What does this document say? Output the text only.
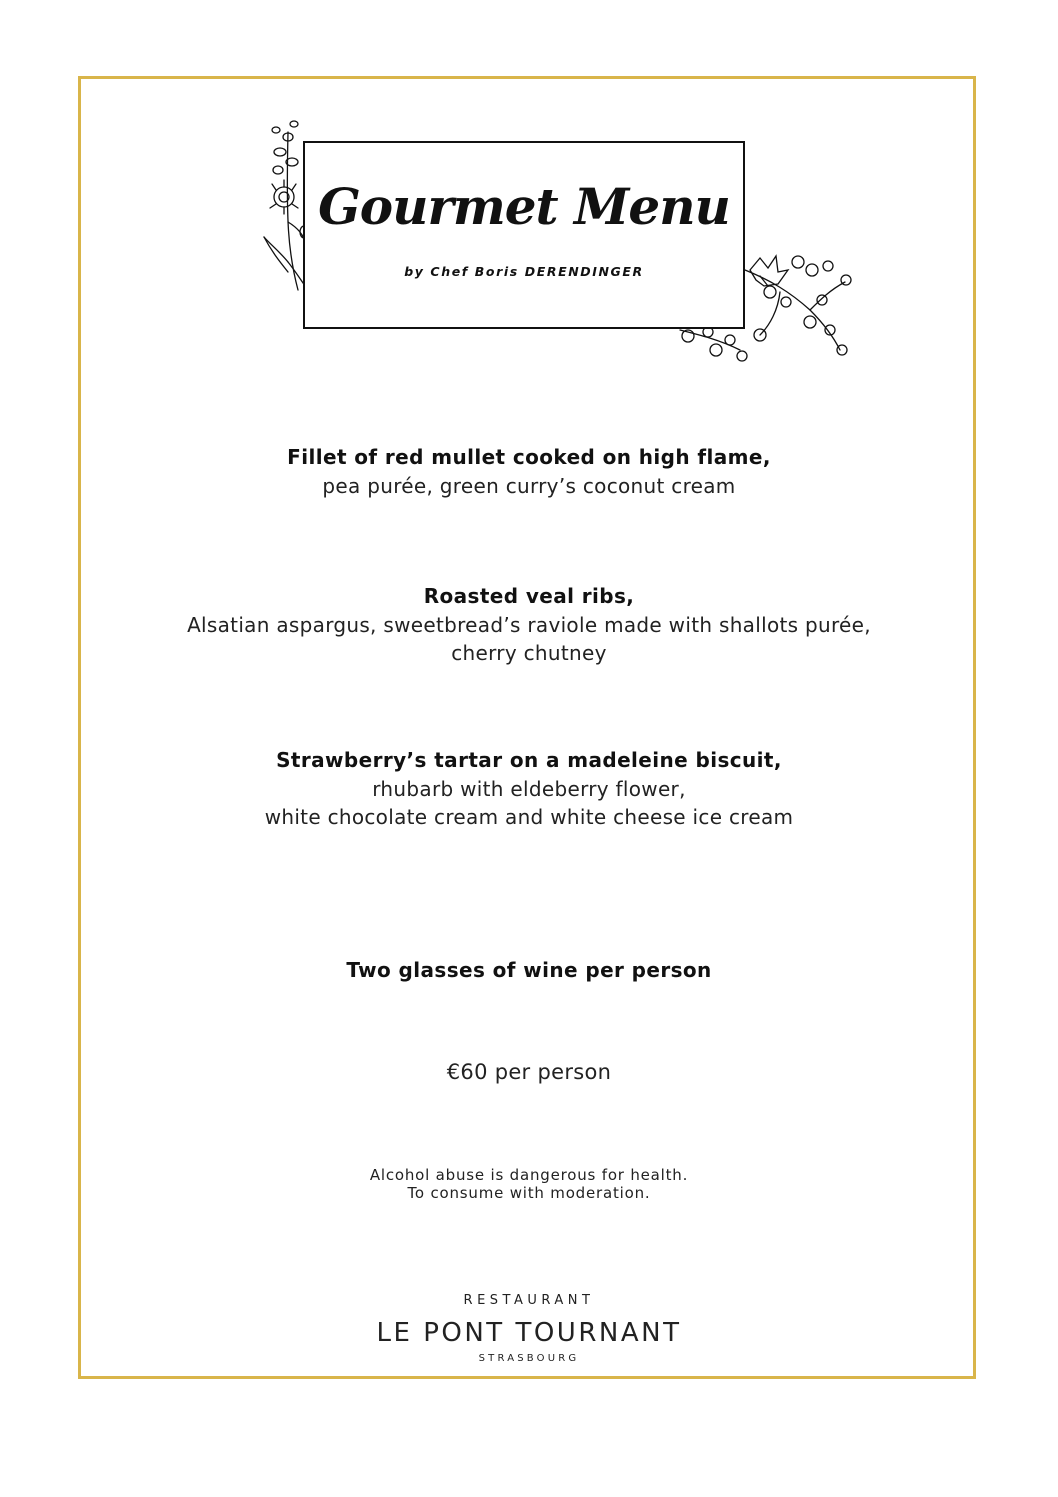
Gourmet Menu
by Chef Boris DERENDINGER
Fillet of red mullet cooked on high flame,
pea purée, green curry’s coconut cream
Roasted veal ribs,
Alsatian aspargus, sweetbread’s raviole made with shallots purée,
cherry chutney
Strawberry’s tartar on a madeleine biscuit,
rhubarb with eldeberry flower,
white chocolate cream and white cheese ice cream
Two glasses of wine per person
€60 per person
Alcohol abuse is dangerous for health.
To consume with moderation.
RESTAURANT
LE PONT TOURNANT
STRASBOURG
